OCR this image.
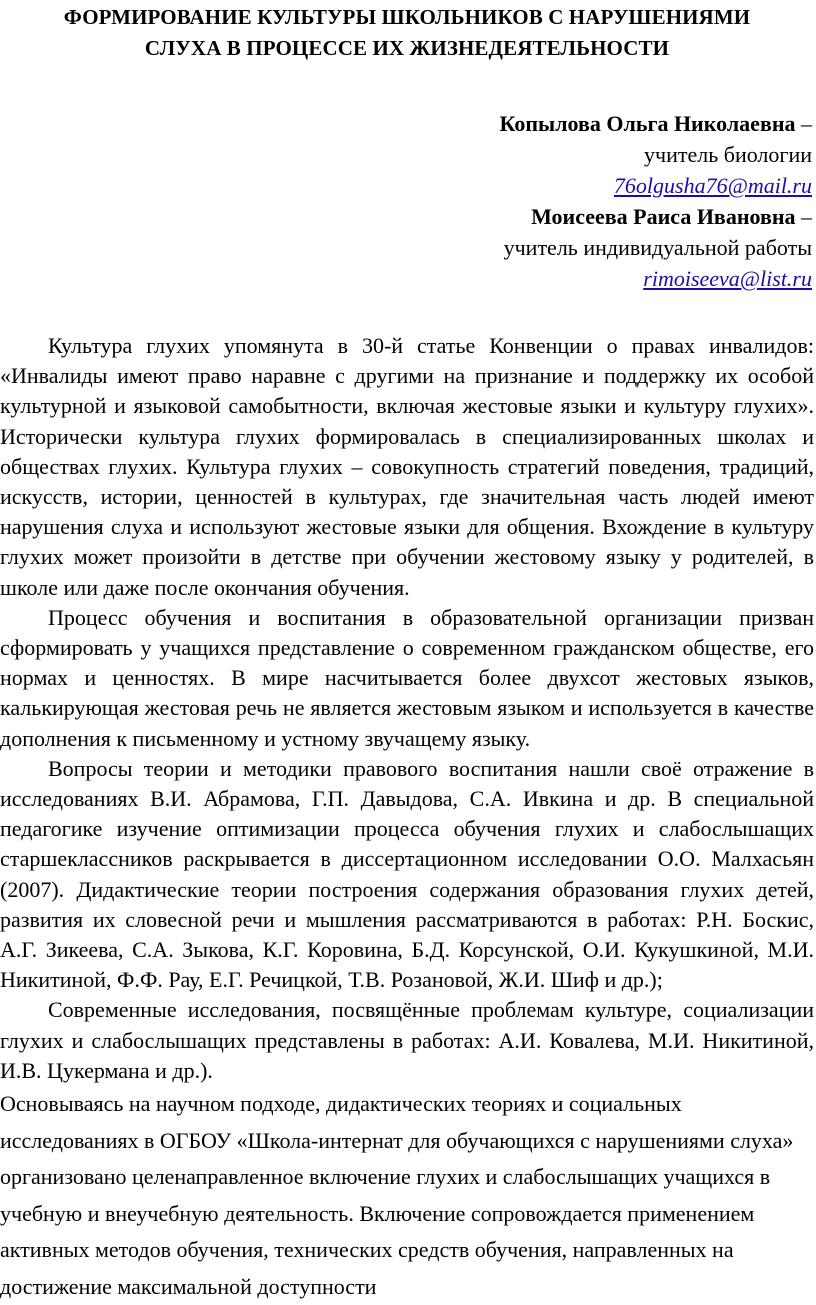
ФОРМИРОВАНИЕ КУЛЬТУРЫ ШКОЛЬНИКОВ С НАРУШЕНИЯМИ
СЛУХА В ПРОЦЕССЕ ИХ ЖИЗНЕДЕЯТЕЛЬНОСТИ
Копылова Ольга Николаевна –
учитель биологии
76olgusha76@mail.ru
Моисеева Раиса Ивановна –
учитель индивидуальной работы
rimoiseeva@list.ru

Культура глухих упомянута в 30-й статье Конвенции о правах инвалидов: «Инвалиды имеют право наравне с другими на признание и поддержку их особой культурной и языковой самобытности, включая жестовые языки и культуру глухих». Исторически культура глухих формировалась в специализированных школах и обществах глухих. Культура глухих – совокупность стратегий поведения, традиций, искусств, истории, ценностей в культурах, где значительная часть людей имеют нарушения слуха и используют жестовые языки для общения. Вхождение в культуру глухих может произойти в детстве при обучении жестовому языку у родителей, в школе или даже после окончания обучения.

Процесс обучения и воспитания в образовательной организации призван сформировать у учащихся представление о современном гражданском обществе, его нормах и ценностях. В мире насчитывается более двухсот жестовых языков, калькирующая жестовая речь не является жестовым языком и используется в качестве дополнения к письменному и устному звучащему языку.

Вопросы теории и методики правового воспитания нашли своё отражение в исследованиях В.И. Абрамова, Г.П. Давыдова, С.А. Ивкина и др. В специальной педагогике изучение оптимизации процесса обучения глухих и слабослышащих старшеклассников раскрывается в диссертационном исследовании О.О. Малхасьян (2007). Дидактические теории построения содержания образования глухих детей, развития их словесной речи и мышления рассматриваются в работах: Р.Н. Боскис, А.Г. Зикеева, С.А. Зыкова, К.Г. Коровина, Б.Д. Корсунской, О.И. Кукушкиной, М.И. Никитиной, Ф.Ф. Рау, Е.Г. Речицкой, Т.В. Розановой, Ж.И. Шиф и др.);

Современные исследования, посвящённые проблемам культуре, социализации глухих и слабослышащих представлены в работах: А.И. Ковалева, М.И. Никитиной, И.В. Цукермана и др.).

Основываясь на научном подходе, дидактических теориях и социальных исследованиях в ОГБОУ «Школа-интернат для обучающихся с нарушениями слуха» организовано целенаправленное включение глухих и слабослышащих учащихся в учебную и внеучебную деятельность. Включение сопровождается применением активных методов обучения, технических средств обучения, направленных на достижение максимальной доступности
